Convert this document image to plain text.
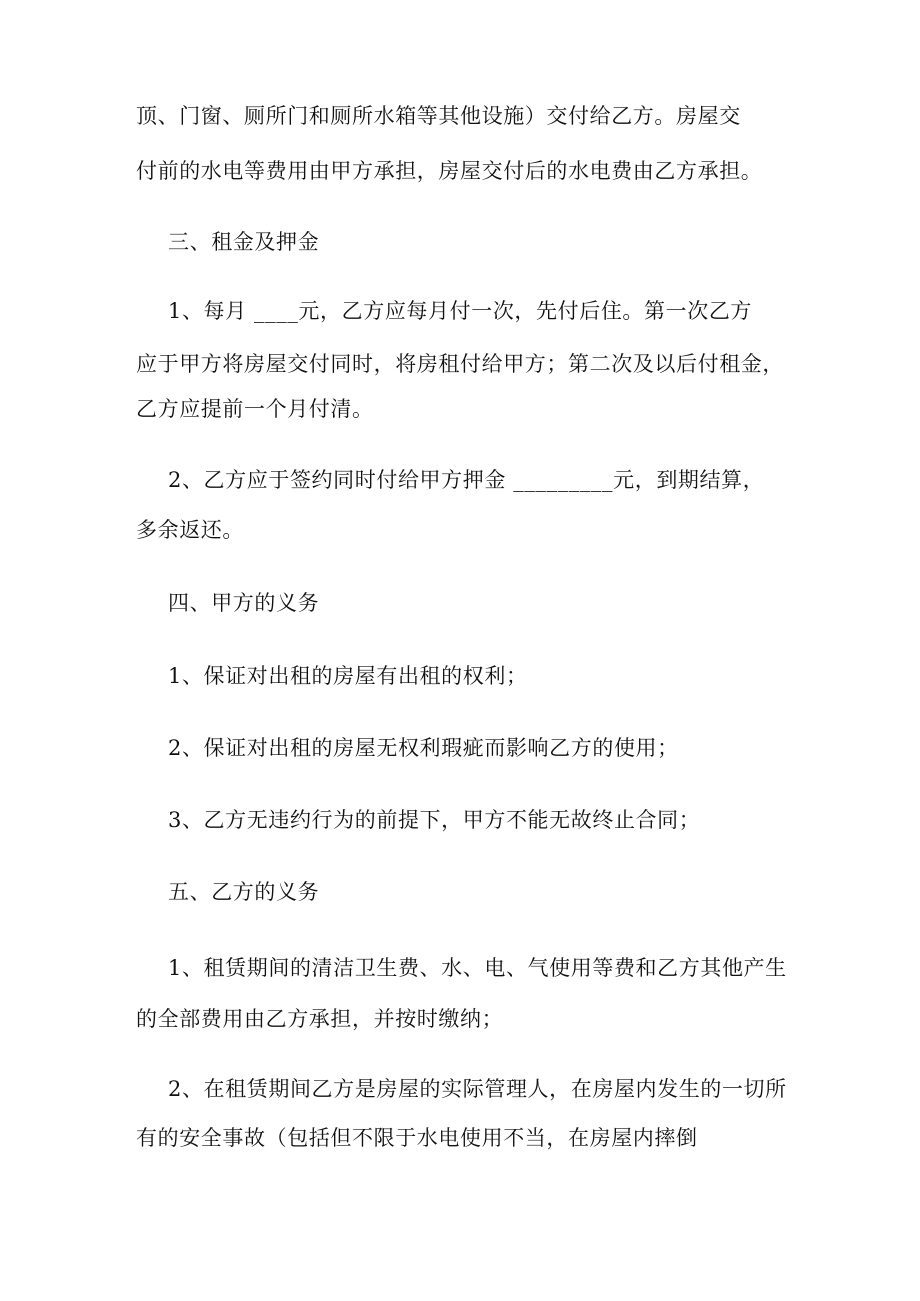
顶、门窗、厕所门和厕所水箱等其他设施）交付给乙方。房屋交
付前的水电等费用由甲方承担，房屋交付后的水电费由乙方承担。
三、租金及押金
1、每月 ____元，乙方应每月付一次，先付后住。第一次乙方
应于甲方将房屋交付同时，将房租付给甲方；第二次及以后付租金，
乙方应提前一个月付清。
2、乙方应于签约同时付给甲方押金 _________元，到期结算，
多余返还。
四、甲方的义务
1、保证对出租的房屋有出租的权利；
2、保证对出租的房屋无权利瑕疵而影响乙方的使用；
3、乙方无违约行为的前提下，甲方不能无故终止合同；
五、乙方的义务
1、租赁期间的清洁卫生费、水、电、气使用等费和乙方其他产生
的全部费用由乙方承担，并按时缴纳；
2、在租赁期间乙方是房屋的实际管理人，在房屋内发生的一切所
有的安全事故（包括但不限于水电使用不当，在房屋内摔倒
